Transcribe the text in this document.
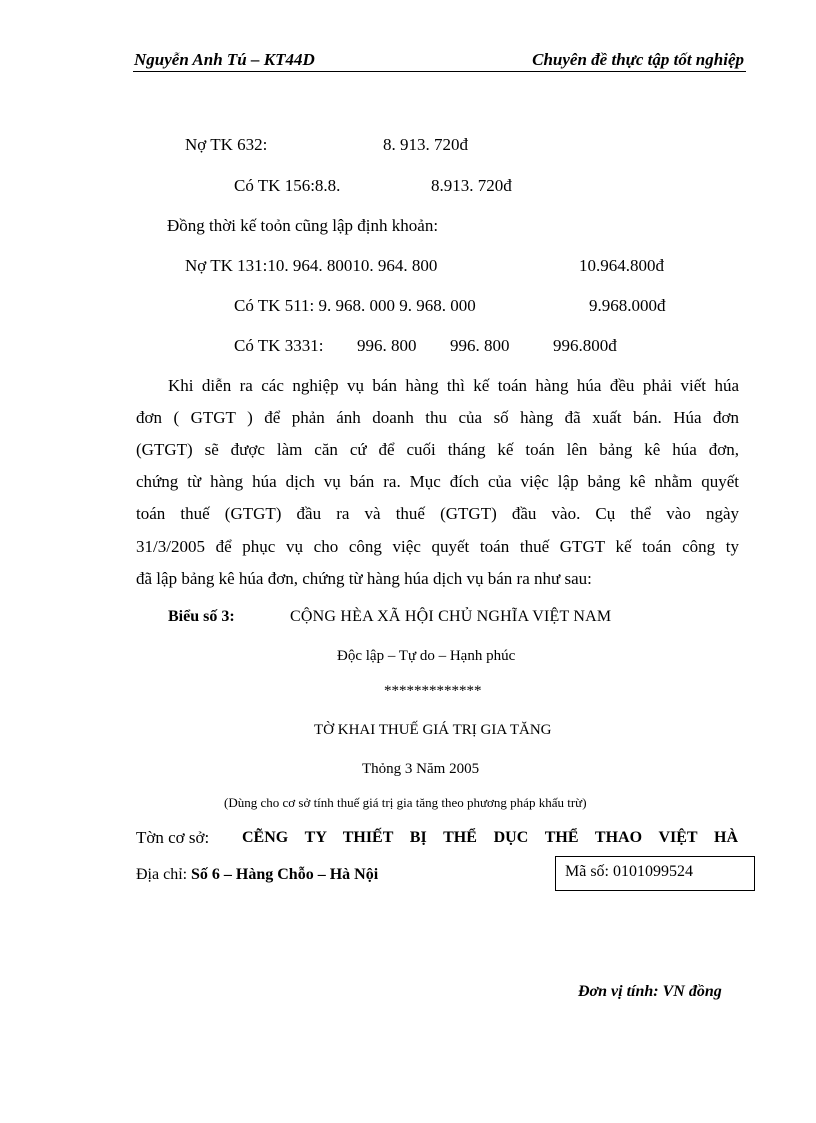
Nguyễn Anh Tú – KT44D	Chuyên đề thực tập tốt nghiệp
Nợ TK 632:	8. 913. 720đ
Có TK 156:8.8.	8.913. 720đ
Đồng thời kế toỏn cũng lập định khoản:
Nợ TK 131:10. 964. 80010. 964. 800	10.964.800đ
Có TK 511: 9. 968. 000 9. 968. 000	9.968.000đ
Có TK 3331: 996. 800 996. 800	996.800đ
Khi diễn ra các nghiệp vụ bán hàng thì kế toán hàng húa đều phải viết húa
đơn ( GTGT ) để phản ánh doanh thu của số hàng đã xuất bán. Húa đơn
(GTGT) sẽ được làm căn cứ để cuối tháng kế toán lên bảng kê húa đơn,
chứng từ hàng húa dịch vụ bán ra. Mục đích của việc lập bảng kê nhằm quyết
toán thuế (GTGT) đầu ra và thuế (GTGT) đầu vào. Cụ thể vào ngày
31/3/2005 để phục vụ cho công việc quyết toán thuế GTGT kế toán công ty
đã lập bảng kê húa đơn, chứng từ hàng húa dịch vụ bán ra như sau:
Biểu số 3:	CỘNG HÈA XÃ HỘI CHỦ NGHĨA VIỆT NAM
Độc lập – Tự do – Hạnh phúc
*************
TỜ KHAI THUẾ GIÁ TRỊ GIA TĂNG
Thỏng 3 Năm 2005
(Dùng cho cơ sở tính thuế giá trị gia tăng theo phương pháp khấu trừ)
Tờn cơ sở: CẼNG TY THIẾT BỊ THỂ DỤC THỂ THAO VIỆT HÀ
Địa chỉ: Số 6 – Hàng Chỗo – Hà Nội	Mã số: 0101099524
Đơn vị tính: VN đồng
